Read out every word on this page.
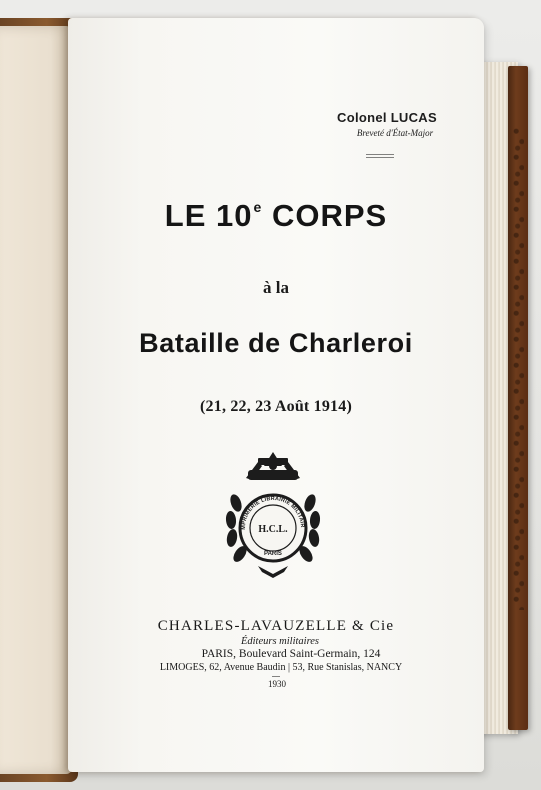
Colonel LUCAS
Breveté d'État-Major
LE 10e CORPS
à la
Bataille de Charleroi
(21, 22, 23 Août 1914)
MPRIMERIE LIBRAIRIE MILITAIR
H.C.L.
PARIS
CHARLES-LAVAUZELLE & Cie
Éditeurs militaires
PARIS, Boulevard Saint-Germain, 124
LIMOGES, 62, Avenue Baudin | 53, Rue Stanislas, NANCY
1930
